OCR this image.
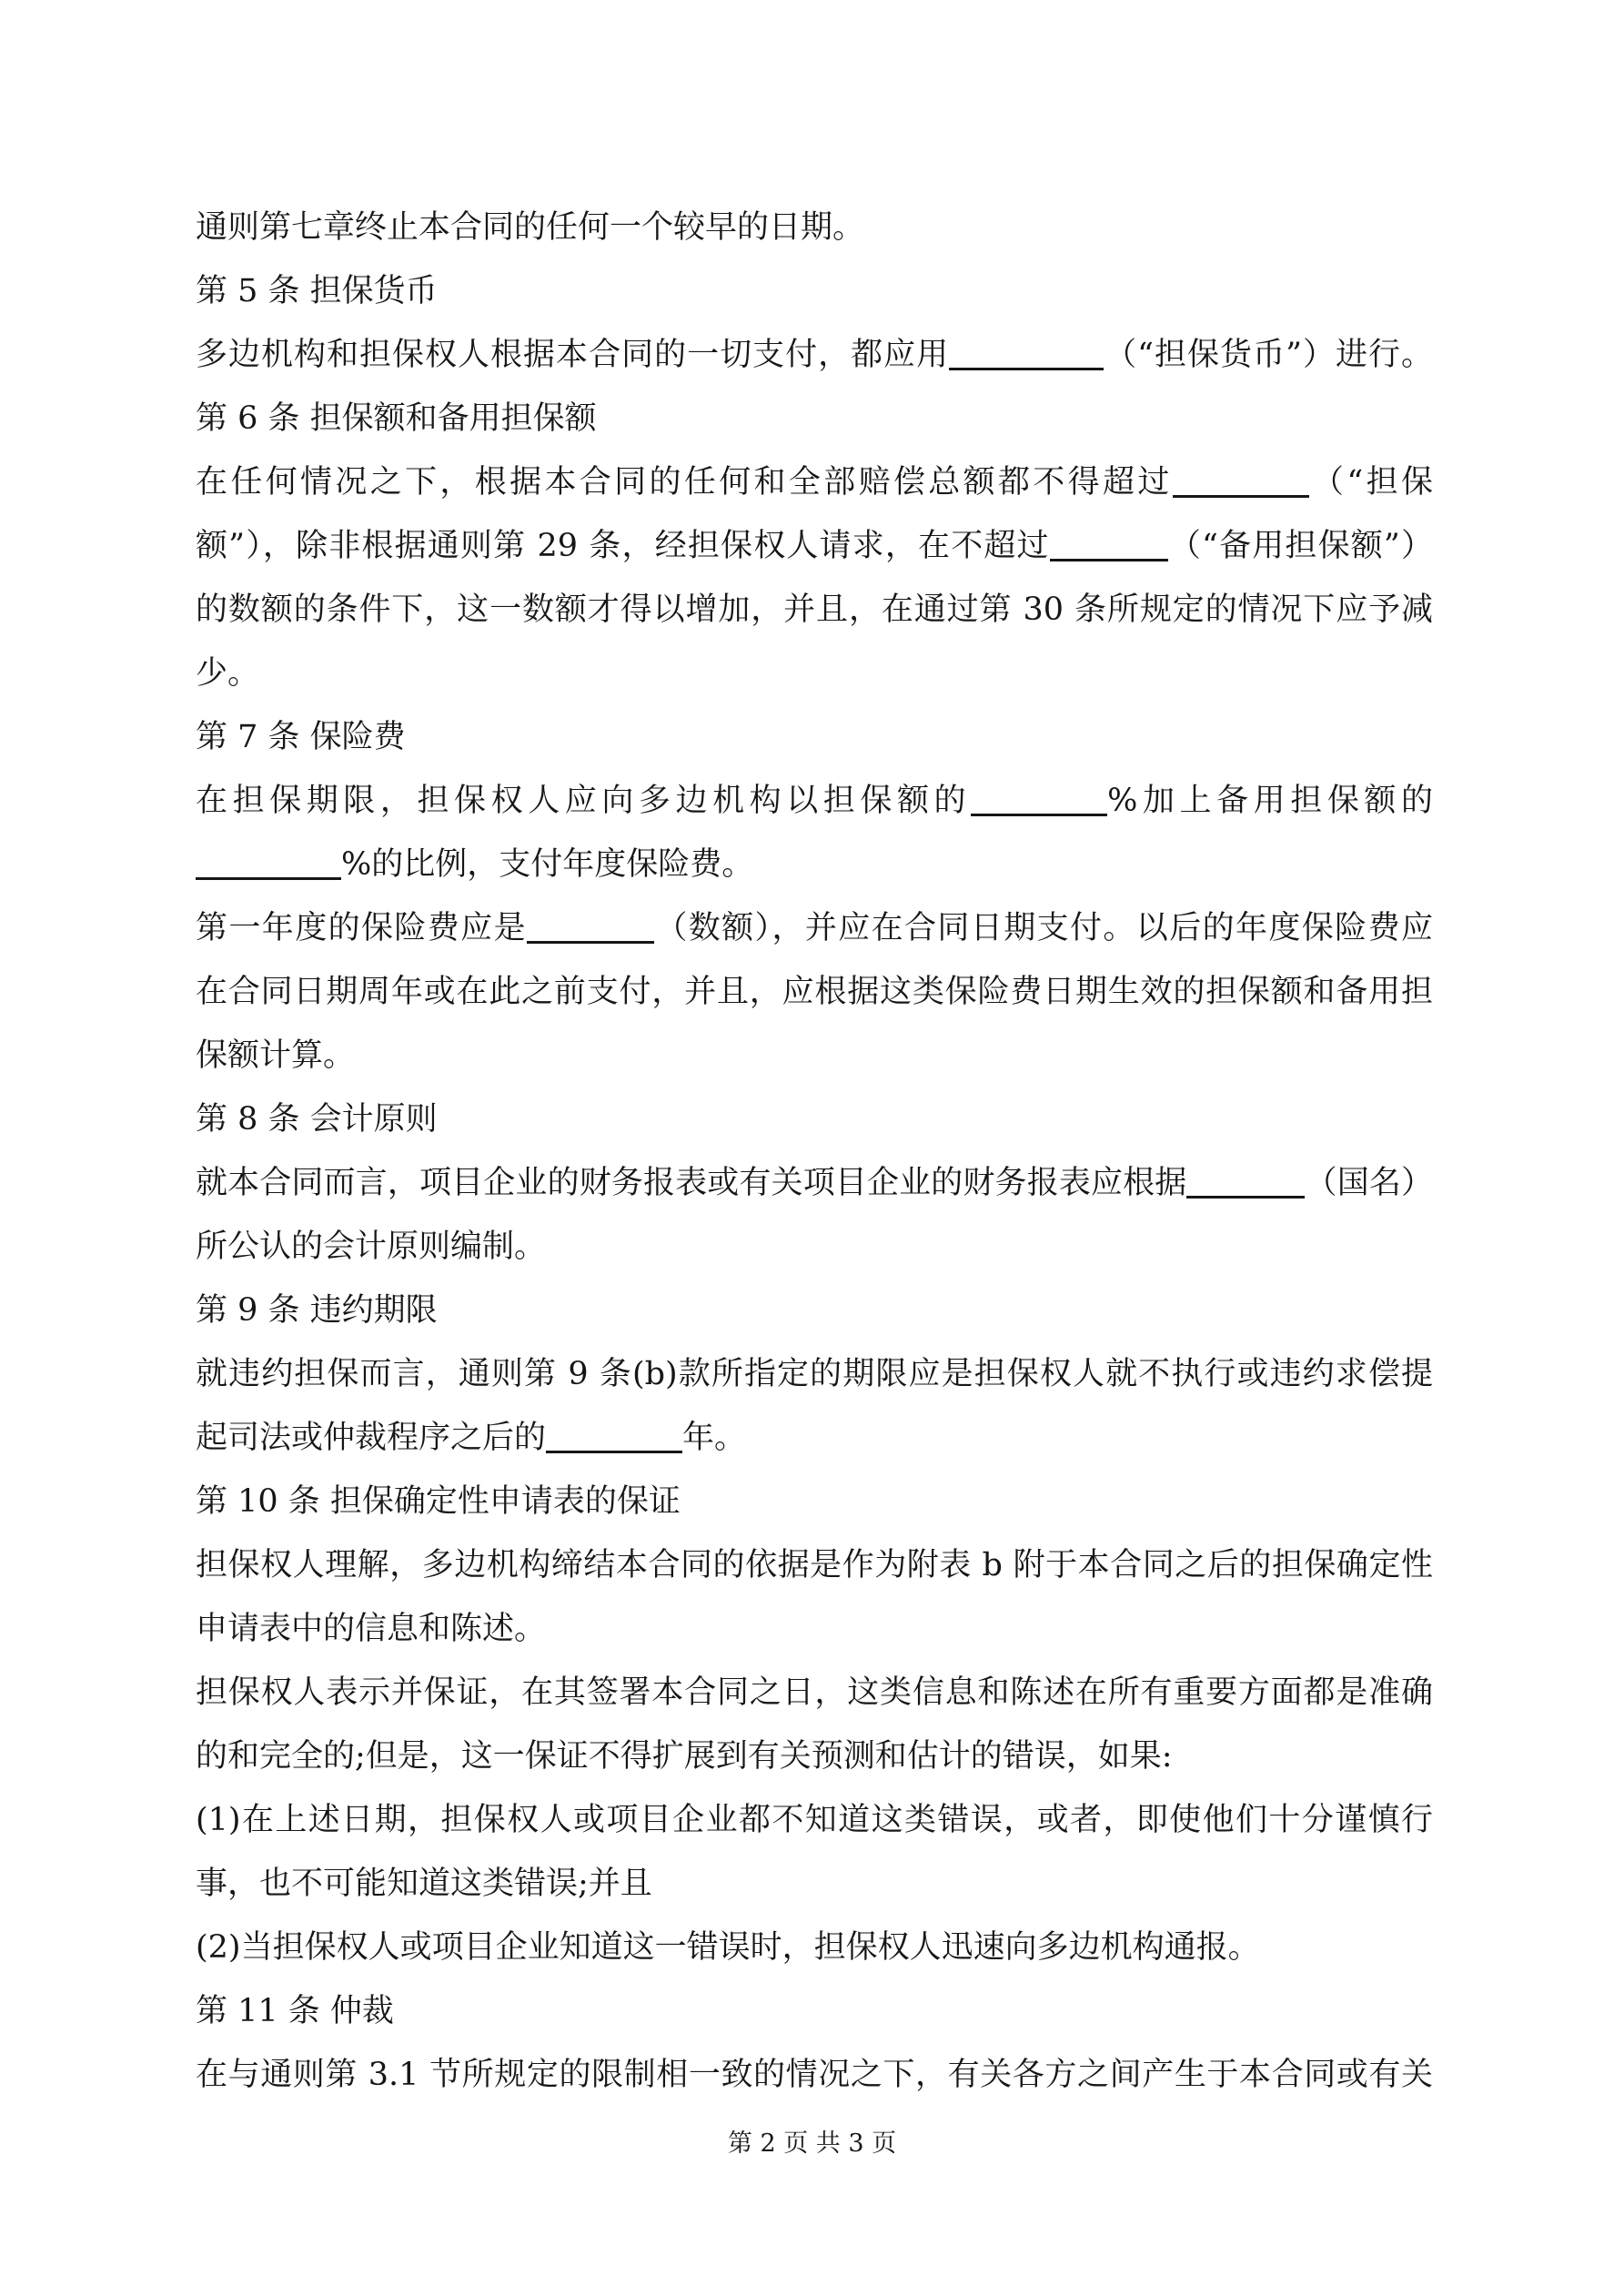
通则第七章终止本合同的任何一个较早的日期。
第 5 条 担保货币
多边机构和担保权人根据本合同的一切支付，都应用	（“担保货币”）进行。
第 6 条 担保额和备用担保额
在任何情况之下，根据本合同的任何和全部赔偿总额都不得超过	（“担保
额”），除非根据通则第 29 条，经担保权人请求，在不超过	（“备用担保额”）
的数额的条件下，这一数额才得以增加，并且，在通过第 30 条所规定的情况下应予减
少。
第 7 条 保险费
在担保期限，担保权人应向多边机构以担保额的	%加上备用担保额的
%的比例，支付年度保险费。
第一年度的保险费应是	（数额），并应在合同日期支付。以后的年度保险费应
在合同日期周年或在此之前支付，并且，应根据这类保险费日期生效的担保额和备用担
保额计算。
第 8 条 会计原则
就本合同而言，项目企业的财务报表或有关项目企业的财务报表应根据	（国名）
所公认的会计原则编制。
第 9 条 违约期限
就违约担保而言，通则第 9 条(b)款所指定的期限应是担保权人就不执行或违约求偿提
起司法或仲裁程序之后的	年。
第 10 条 担保确定性申请表的保证
担保权人理解，多边机构缔结本合同的依据是作为附表 b 附于本合同之后的担保确定性
申请表中的信息和陈述。
担保权人表示并保证，在其签署本合同之日，这类信息和陈述在所有重要方面都是准确
的和完全的;但是，这一保证不得扩展到有关预测和估计的错误，如果:
(1)在上述日期，担保权人或项目企业都不知道这类错误，或者，即使他们十分谨慎行
事，也不可能知道这类错误;并且
(2)当担保权人或项目企业知道这一错误时，担保权人迅速向多边机构通报。
第 11 条 仲裁
在与通则第 3.1 节所规定的限制相一致的情况之下，有关各方之间产生于本合同或有关
第 2 页 共 3 页
